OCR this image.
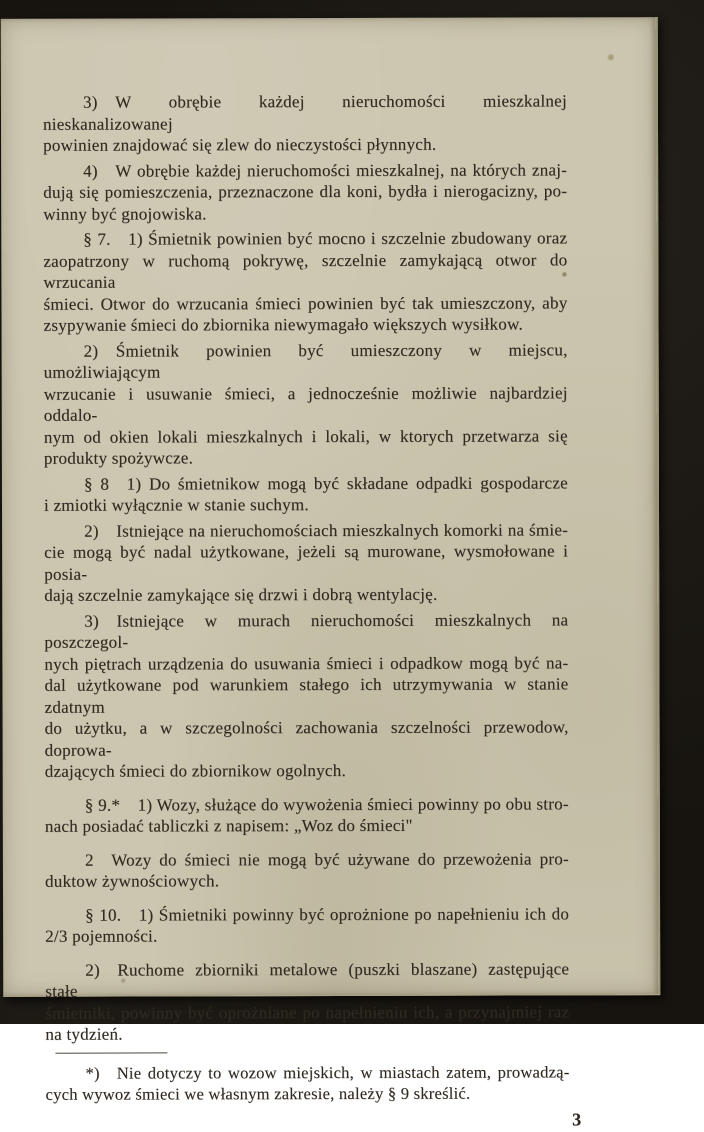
3)  W obrębie każdej nieruchomości mieszkalnej nieskanalizowanej
powinien znajdować się zlew do nieczystości płynnych.
4)  W obrębie każdej nieruchomości mieszkalnej, na których znaj-
dują się pomieszczenia, przeznaczone dla koni, bydła i nierogacizny, po-
winny być gnojowiska.
§ 7.  1) Śmietnik powinien być mocno i szczelnie zbudowany oraz
zaopatrzony w ruchomą pokrywę, szczelnie zamykającą otwor do wrzucania
śmieci. Otwor do wrzucania śmieci powinien być tak umieszczony, aby
zsypywanie śmieci do zbiornika niewymagało większych wysiłkow.
2)  Śmietnik powinien być umieszczony w miejscu, umożliwiającym
wrzucanie i usuwanie śmieci, a jednocześnie możliwie najbardziej oddalo-
nym od okien lokali mieszkalnych i lokali, w ktorych przetwarza się
produkty spożywcze.
§ 8  1) Do śmietnikow mogą być składane odpadki gospodarcze
i zmiotki wyłącznie w stanie suchym.
2)  Istniejące na nieruchomościach mieszkalnych komorki na śmie-
cie mogą być nadal użytkowane, jeżeli są murowane, wysmołowane i posia-
dają szczelnie zamykające się drzwi i dobrą wentylację.
3)  Istniejące w murach nieruchomości mieszkalnych na poszczegol-
nych piętrach urządzenia do usuwania śmieci i odpadkow mogą być na-
dal użytkowane pod warunkiem stałego ich utrzymywania w stanie zdatnym
do użytku, a w szczegolności zachowania szczelności przewodow, doprowa-
dzających śmieci do zbiornikow ogolnych.
§ 9.*  1) Wozy, służące do wywożenia śmieci powinny po obu stro-
nach posiadać tabliczki z napisem: „Woz do śmieci"
2  Wozy do śmieci nie mogą być używane do przewożenia pro-
duktow żywnościowych.
§ 10.  1) Śmietniki powinny być oprożnione po napełnieniu ich do
2/3 pojemności.
2)  Ruchome zbiorniki metalowe (puszki blaszane) zastępujące stałe
śmietniki, powinny być oprożniane po napełnieniu ich, a przynajmiej raz
na tydzień.
*)  Nie dotyczy to wozow miejskich, w miastach zatem, prowadzą-
cych wywoz śmieci we własnym zakresie, należy § 9 skreślić.
3
